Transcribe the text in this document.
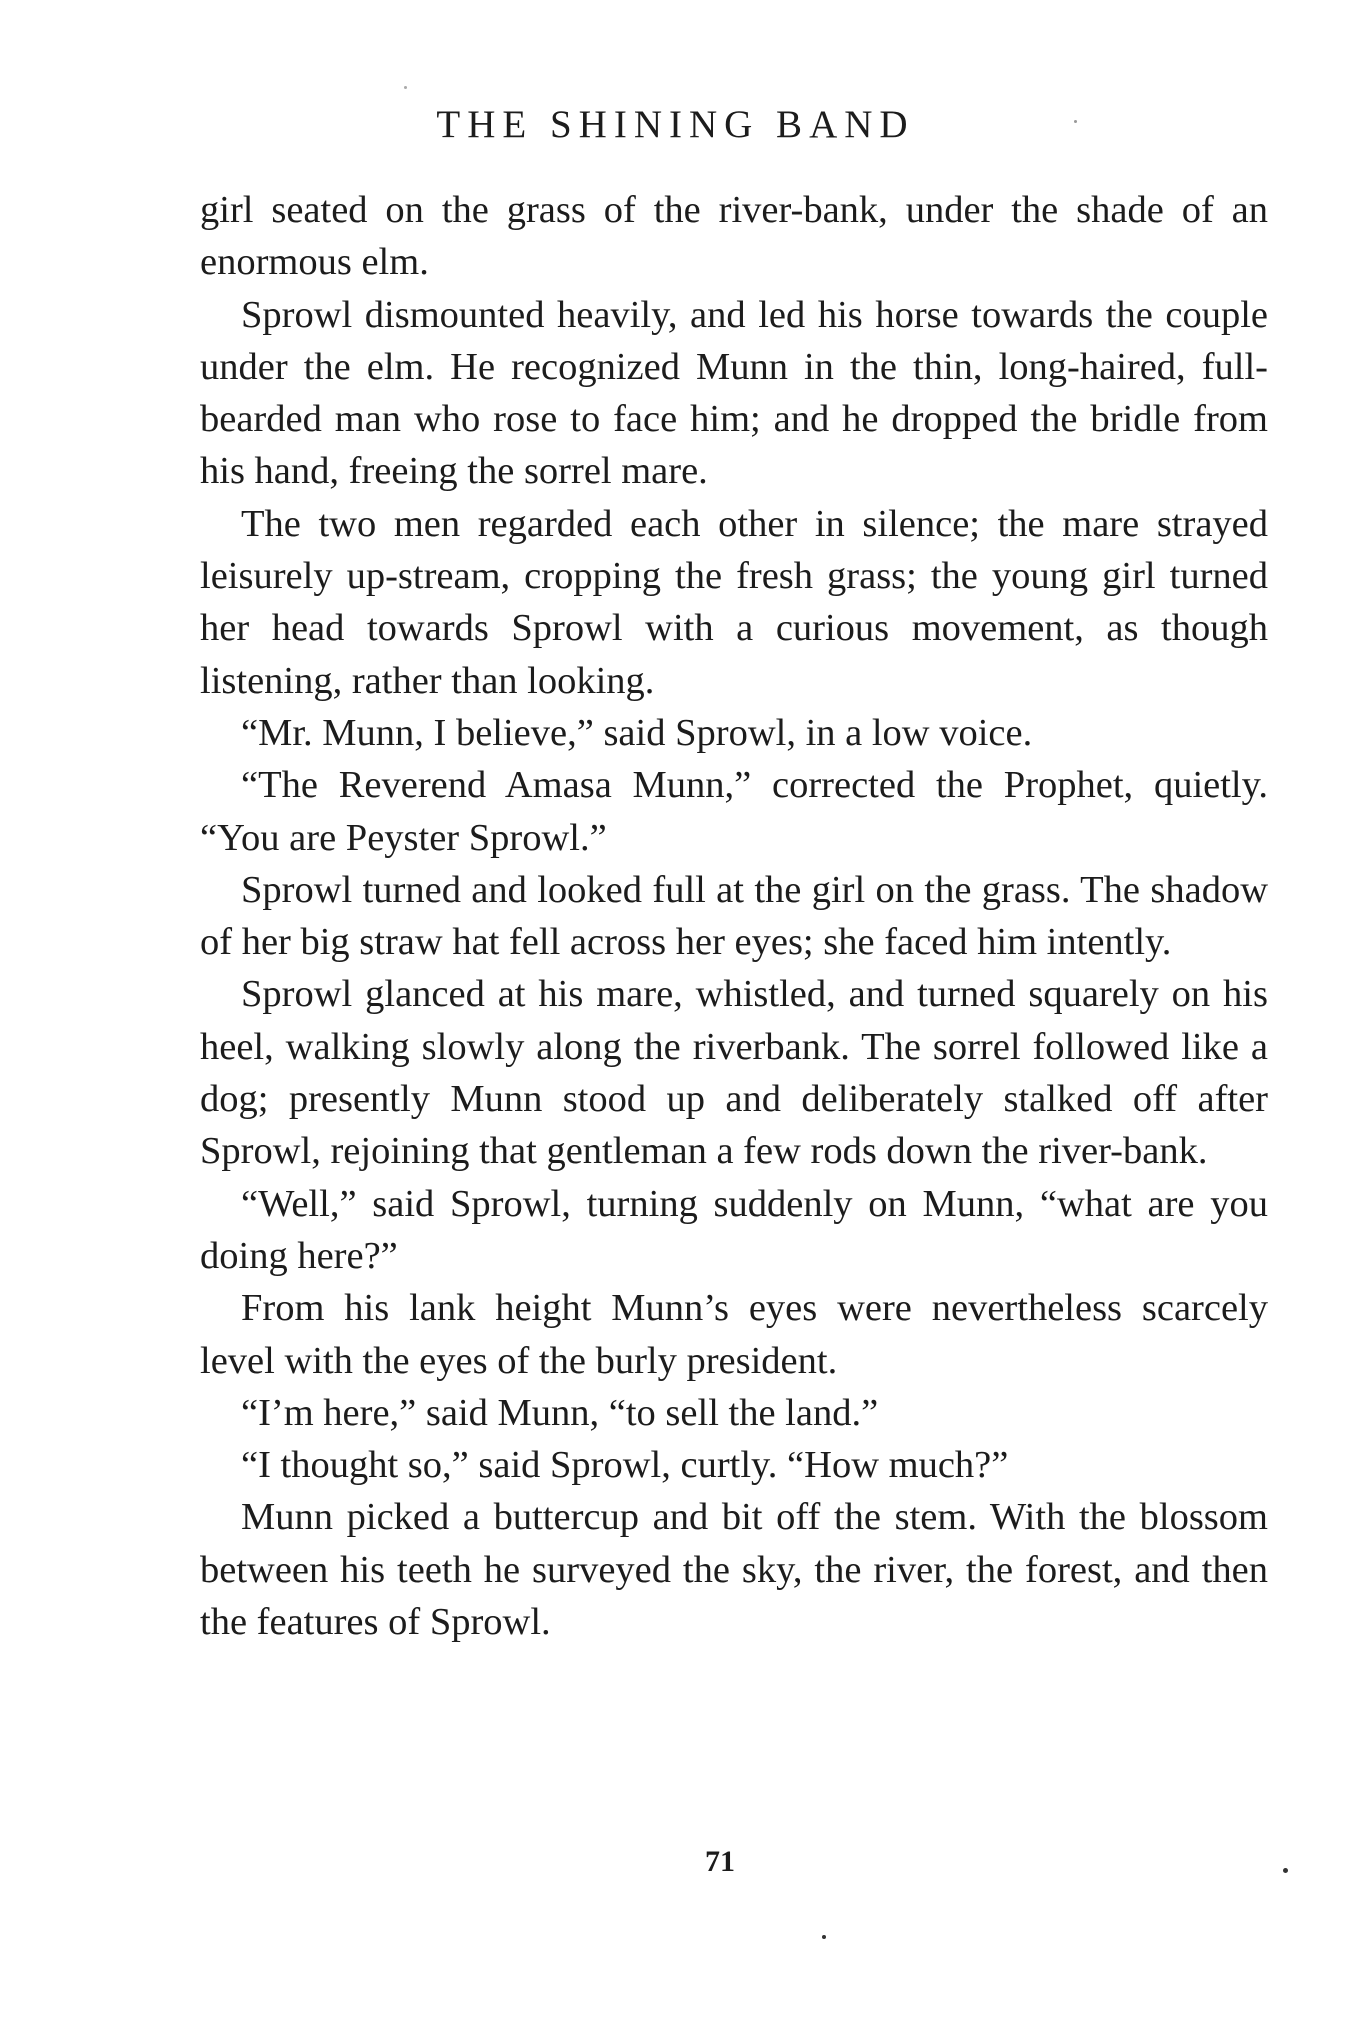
THE SHINING BAND

girl seated on the grass of the river-bank, under the shade of an enormous elm.

Sprowl dismounted heavily, and led his horse towards the couple under the elm. He recognized Munn in the thin, long-haired, full-bearded man who rose to face him; and he dropped the bridle from his hand, freeing the sorrel mare.

The two men regarded each other in silence; the mare strayed leisurely up-stream, cropping the fresh grass; the young girl turned her head towards Sprowl with a curious movement, as though listening, rather than looking.

“Mr. Munn, I believe,” said Sprowl, in a low voice.

“The Reverend Amasa Munn,” corrected the Prophet, quietly. “You are Peyster Sprowl.”

Sprowl turned and looked full at the girl on the grass. The shadow of her big straw hat fell across her eyes; she faced him intently.

Sprowl glanced at his mare, whistled, and turned squarely on his heel, walking slowly along the riverbank. The sorrel followed like a dog; presently Munn stood up and deliberately stalked off after Sprowl, rejoining that gentleman a few rods down the river-bank.

“Well,” said Sprowl, turning suddenly on Munn, “what are you doing here?”

From his lank height Munn’s eyes were nevertheless scarcely level with the eyes of the burly president.

“I’m here,” said Munn, “to sell the land.”

“I thought so,” said Sprowl, curtly. “How much?”

Munn picked a buttercup and bit off the stem. With the blossom between his teeth he surveyed the sky, the river, the forest, and then the features of Sprowl.

71
